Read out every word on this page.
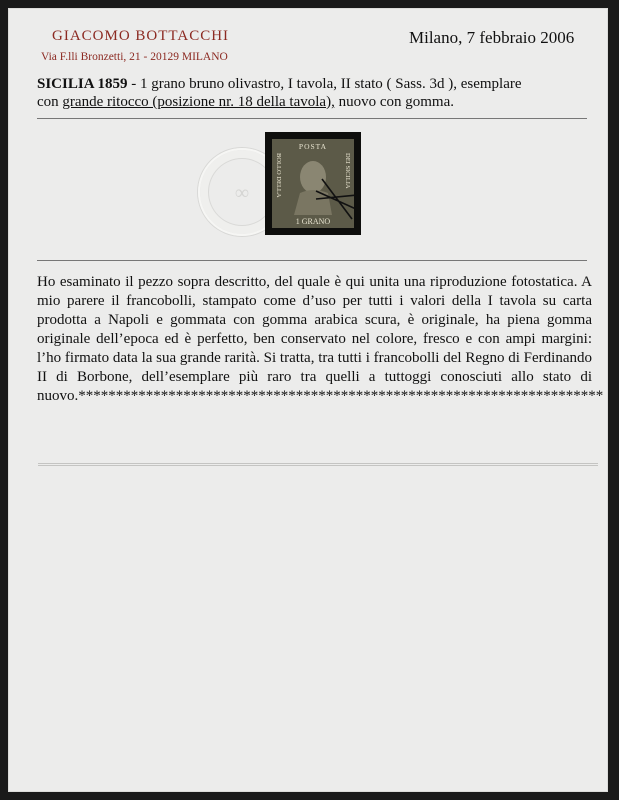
GIACOMO BOTTACCHI
Via F.lli Bronzetti, 21 - 20129 MILANO
Milano, 7 febbraio 2006
SICILIA 1859 - 1 grano bruno olivastro, I tavola, II stato ( Sass. 3d ), esemplare
con grande ritocco (posizione nr. 18 della tavola), nuovo con gomma.
∞
POSTA
BOLLO DELLA	DEI SICILIA
1 GRANO
Ho esaminato il pezzo sopra descritto, del quale è qui unita una riproduzione fotostatica. A mio parere il francobolli, stampato come d’uso per tutti i valori della I tavola su carta prodotta a Napoli e gommata con gomma arabica scura, è originale, ha piena gomma originale dell’epoca ed è perfetto, ben conservato nel colore, fresco e con ampi margini: l’ho firmato data la sua grande rarità. Si tratta, tra tutti i francobolli del Regno di Ferdinando II di Borbone, dell’esemplare più raro tra quelli a tuttoggi conosciuti allo stato di nuovo.**********************************************************************
